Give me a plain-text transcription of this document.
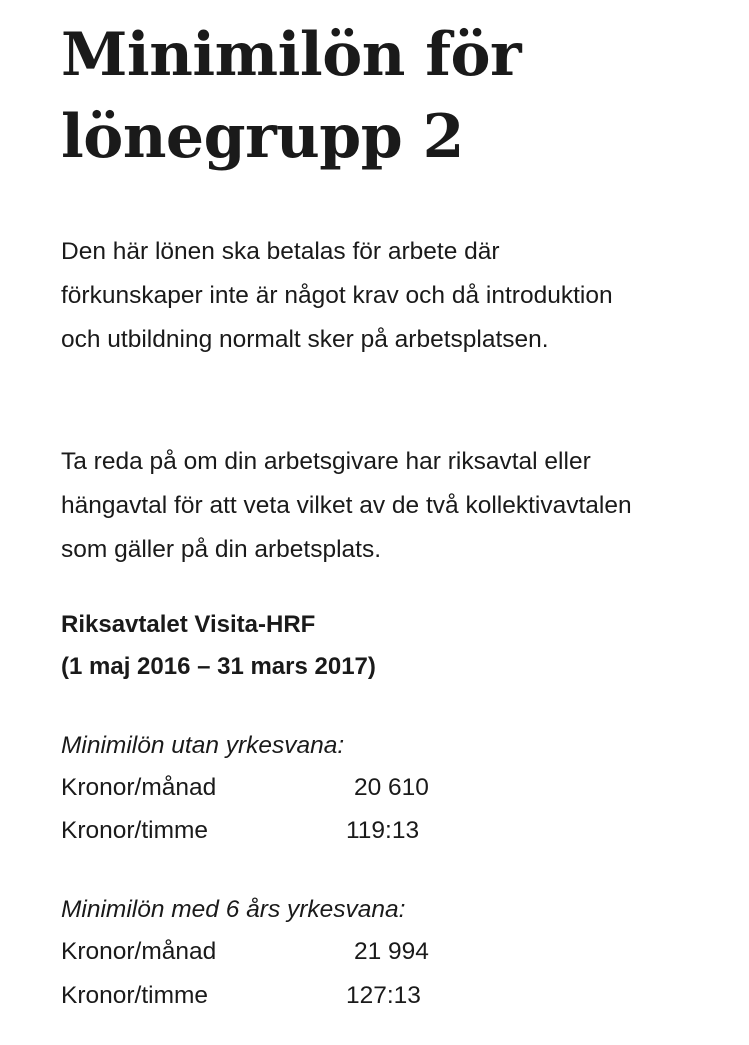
Minimilön för lönegrupp 2

Den här lönen ska betalas för arbete där förkunskaper inte är något krav och då introduktion och utbildning normalt sker på arbetsplatsen.

Ta reda på om din arbetsgivare har riksavtal eller hängavtal för att veta vilket av de två kollektivavtalen som gäller på din arbetsplats.

Riksavtalet Visita-HRF
(1 maj 2016 – 31 mars 2017)
Minimilön utan yrkesvana:
Kronor/månad	20 610
Kronor/timme	119:13
Minimilön med 6 års yrkesvana:
Kronor/månad	21 994
Kronor/timme	127:13
